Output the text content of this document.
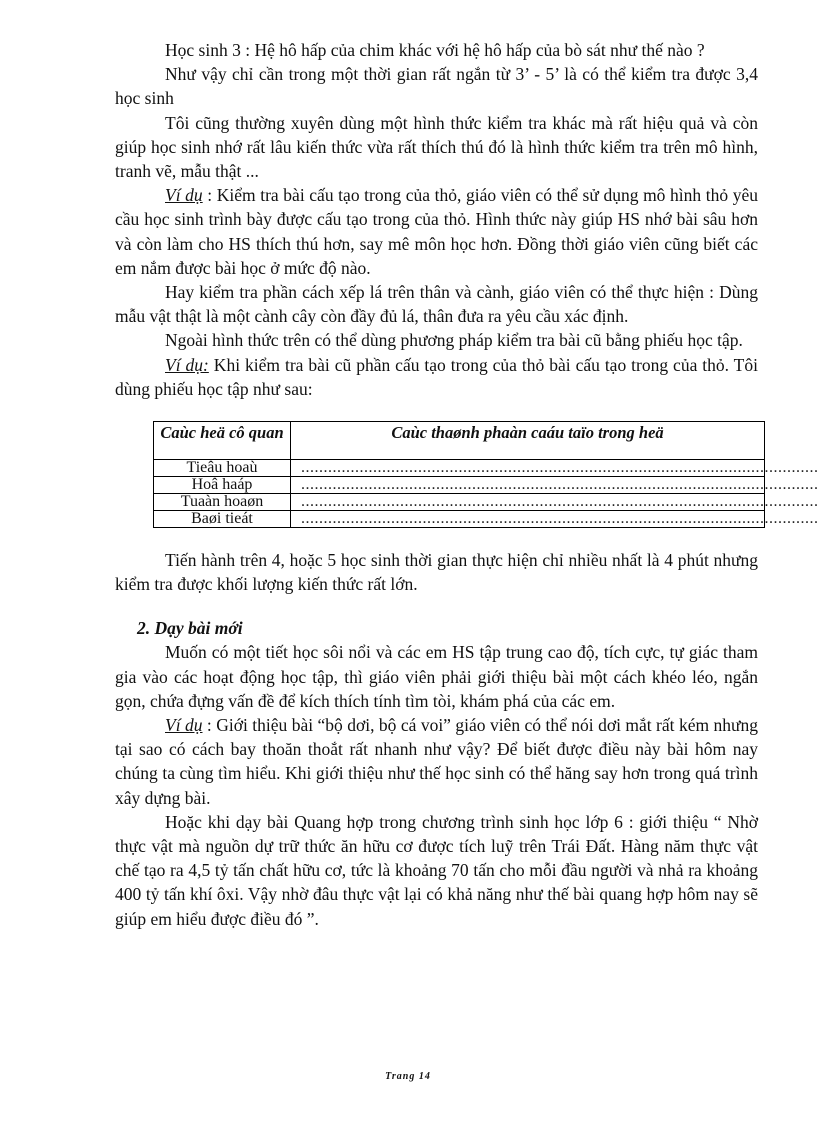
Học sinh 3 : Hệ hô hấp của chim khác với hệ hô hấp của bò sát như thế nào ?

Như vậy chỉ cần trong một thời gian rất ngắn từ 3’ - 5’ là có thể kiểm tra được 3,4 học sinh

Tôi cũng thường xuyên dùng một hình thức kiểm tra khác mà rất hiệu quả và còn giúp học sinh nhớ rất lâu kiến thức vừa rất thích thú đó là hình thức kiểm tra trên mô hình, tranh vẽ, mẫu thật ...

Ví dụ : Kiểm tra bài cấu tạo trong của thỏ, giáo viên có thể sử dụng mô hình thỏ yêu cầu học sinh trình bày được cấu tạo trong của thỏ. Hình thức này giúp HS nhớ bài sâu hơn và còn làm cho HS thích thú hơn, say mê môn học hơn. Đồng thời giáo viên cũng biết các em nắm được bài học ở mức độ nào.

Hay kiểm tra phần cách xếp lá trên thân và cành, giáo viên có thể thực hiện : Dùng mẫu vật thật là một cành cây còn đầy đủ lá, thân đưa ra yêu cầu xác định.

Ngoài hình thức trên có thể dùng phương pháp kiểm tra bài cũ bằng phiếu học tập.

Ví dụ: Khi kiểm tra bài cũ phần cấu tạo trong của thỏ bài cấu tạo trong của thỏ. Tôi dùng phiếu học tập như sau:

Caùc heä cô quan	Caùc thaønh phaàn caáu taïo trong heä
Tieâu hoaù	...................................................................................................................
Hoâ haáp	...................................................................................................................
Tuaàn hoaøn	...................................................................................................................
Baøi tieát	...................................................................................................................

Tiến hành trên 4, hoặc 5 học sinh thời gian thực hiện chỉ nhiều nhất là 4 phút nhưng kiểm tra được khối lượng kiến thức rất lớn.

2. Dạy bài mới

Muốn có một tiết học sôi nổi và các em HS tập trung cao độ, tích cực, tự giác tham gia vào các hoạt động học tập, thì giáo viên phải giới thiệu bài một cách khéo léo, ngắn gọn, chứa đựng vấn đề để kích thích tính tìm tòi, khám phá của các em.

Ví dụ : Giới thiệu bài “bộ dơi, bộ cá voi” giáo viên có thể nói dơi mắt rất kém nhưng tại sao có cách bay thoăn thoắt rất nhanh như vậy? Để biết được điều này bài hôm nay chúng ta cùng tìm hiểu. Khi giới thiệu như thế học sinh có thể hăng say hơn trong quá trình xây dựng bài.

Hoặc khi dạy bài Quang hợp trong chương trình sinh học lớp 6 : giới thiệu “ Nhờ thực vật mà nguồn dự trữ thức ăn hữu cơ được tích luỹ trên Trái Đất. Hàng năm thực vật chế tạo ra 4,5 tỷ tấn chất hữu cơ, tức là khoảng 70 tấn cho mỗi đầu người và nhả ra khoảng 400 tỷ tấn khí ôxi. Vậy nhờ đâu thực vật lại có khả năng như thế bài quang hợp hôm nay sẽ giúp em hiểu được điều đó ”.

Trang 14
